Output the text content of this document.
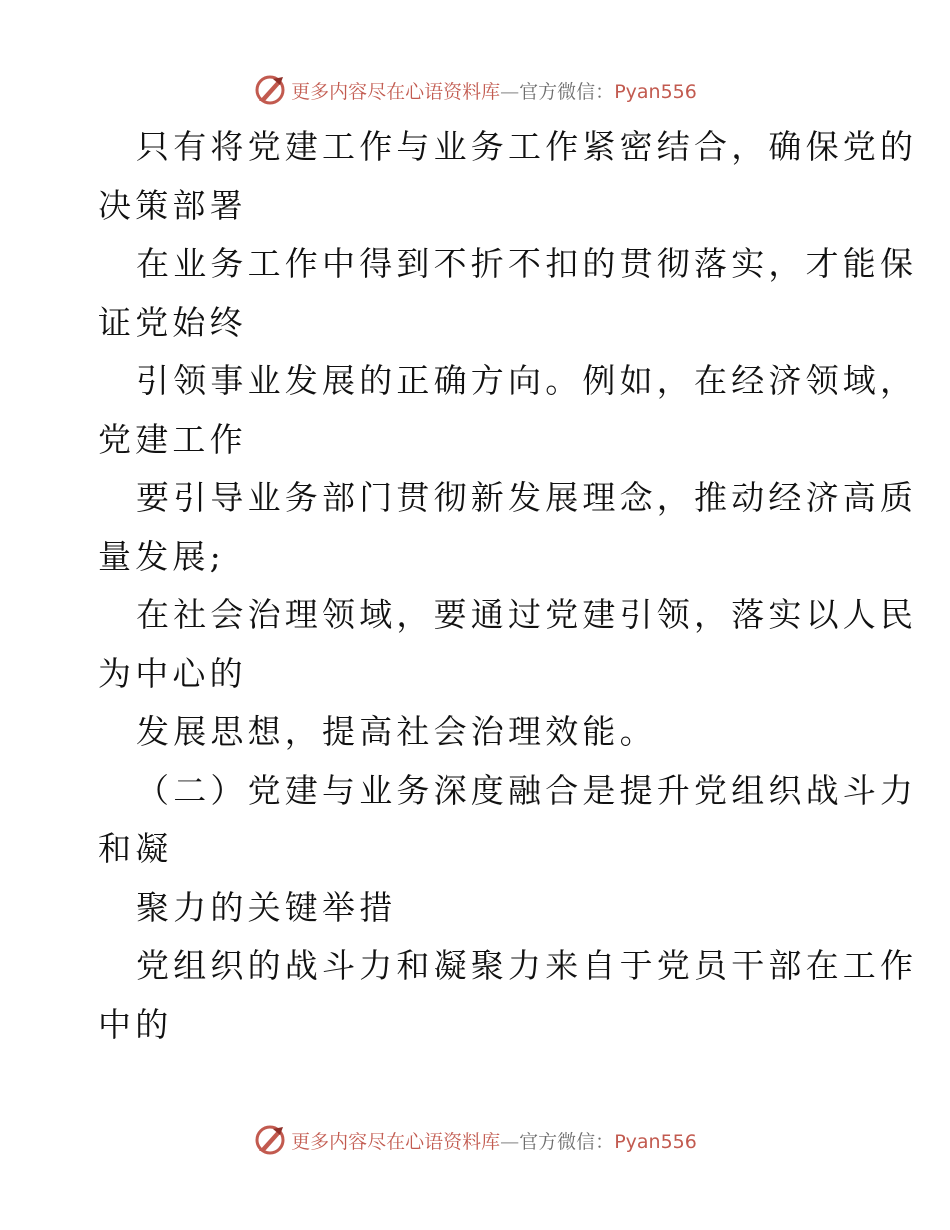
更多内容尽在心语资料库—官方微信：Pyan556
只有将党建工作与业务工作紧密结合，确保党的
决策部署
在业务工作中得到不折不扣的贯彻落实，才能保
证党始终
引领事业发展的正确方向。例如，在经济领域，
党建工作
要引导业务部门贯彻新发展理念，推动经济高质
量发展;
在社会治理领域，要通过党建引领，落实以人民
为中心的
发展思想，提高社会治理效能。
（二）党建与业务深度融合是提升党组织战斗力
和凝
聚力的关键举措
党组织的战斗力和凝聚力来自于党员干部在工作
中的
更多内容尽在心语资料库—官方微信：Pyan556
